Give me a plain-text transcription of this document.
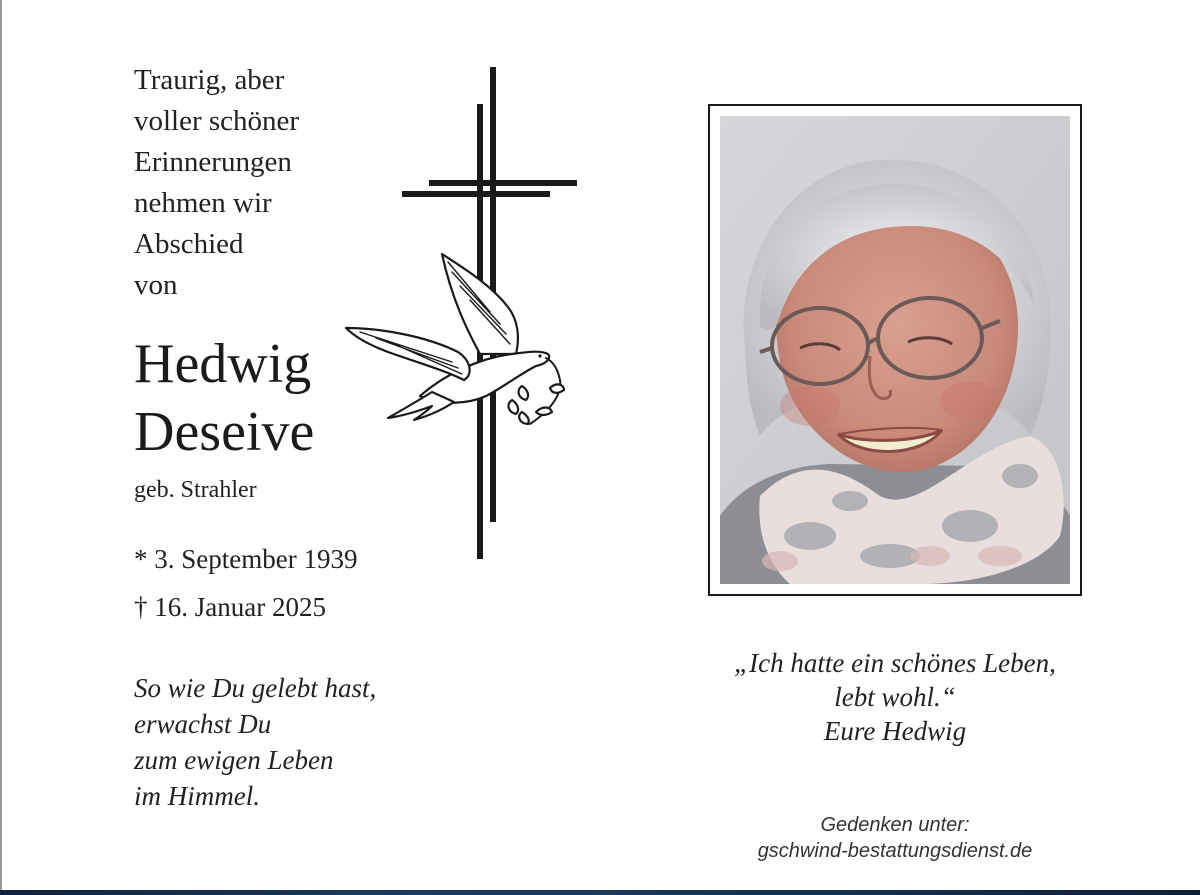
Traurig, aber
voller schöner
Erinnerungen
nehmen wir
Abschied
von
Hedwig
Deseive
geb. Strahler
* 3. September 1939
† 16. Januar 2025
So wie Du gelebt hast,
erwachst Du
zum ewigen Leben
im Himmel.
„Ich hatte ein schönes Leben,
lebt wohl.“
Eure Hedwig
Gedenken unter:
gschwind-bestattungsdienst.de
